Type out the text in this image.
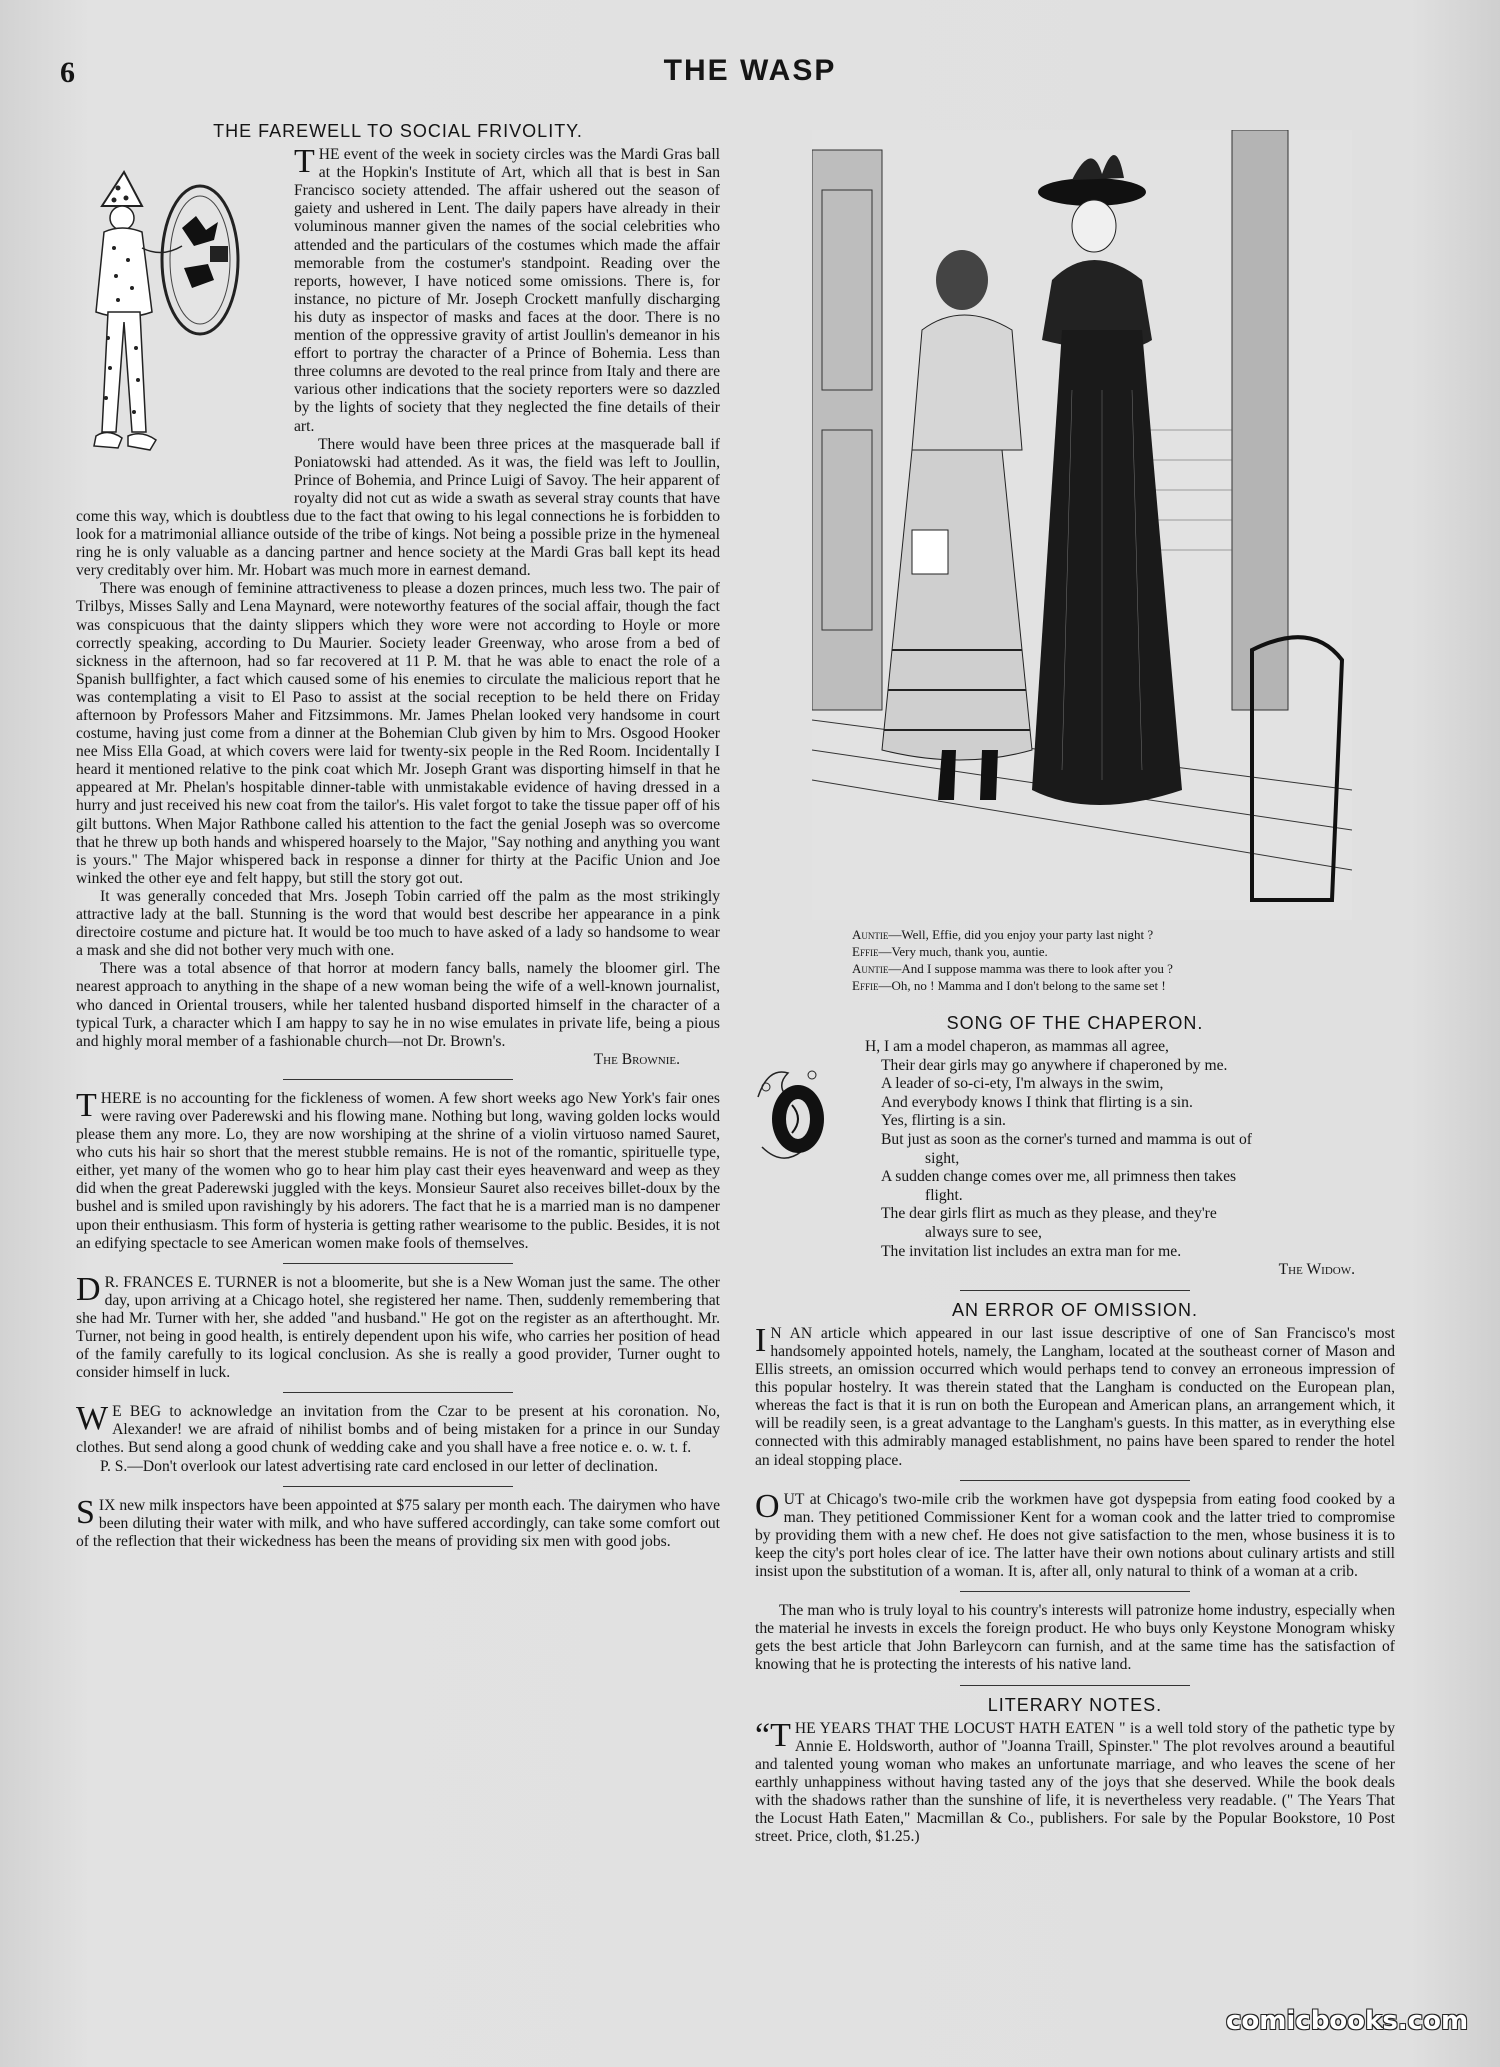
6	THE WASP
THE FAREWELL TO SOCIAL FRIVOLITY.

THE event of the week in society circles was the Mardi Gras ball at the Hopkin's Institute of Art, which all that is best in San Francisco society attended. The affair ushered out the season of gaiety and ushered in Lent. The daily papers have already in their voluminous manner given the names of the social celebrities who attended and the particulars of the costumes which made the affair memorable from the costumer's standpoint. Reading over the reports, however, I have noticed some omissions. There is, for instance, no picture of Mr. Joseph Crockett manfully discharging his duty as inspector of masks and faces at the door. There is no mention of the oppressive gravity of artist Joullin's demeanor in his effort to portray the character of a Prince of Bohemia. Less than three columns are devoted to the real prince from Italy and there are various other indications that the society reporters were so dazzled by the lights of society that they neglected the fine details of their art.

There would have been three prices at the masquerade ball if Poniatowski had attended. As it was, the field was left to Joullin, Prince of Bohemia, and Prince Luigi of Savoy. The heir apparent of royalty did not cut as wide a swath as several stray counts that have come this way, which is doubtless due to the fact that owing to his legal connections he is forbidden to look for a matrimonial alliance outside of the tribe of kings. Not being a possible prize in the hymeneal ring he is only valuable as a dancing partner and hence society at the Mardi Gras ball kept its head very creditably over him. Mr. Hobart was much more in earnest demand.

There was enough of feminine attractiveness to please a dozen princes, much less two. The pair of Trilbys, Misses Sally and Lena Maynard, were noteworthy features of the social affair, though the fact was conspicuous that the dainty slippers which they wore were not according to Hoyle or more correctly speaking, according to Du Maurier. Society leader Greenway, who arose from a bed of sickness in the afternoon, had so far recovered at 11 P. M. that he was able to enact the role of a Spanish bullfighter, a fact which caused some of his enemies to circulate the malicious report that he was contemplating a visit to El Paso to assist at the social reception to be held there on Friday afternoon by Professors Maher and Fitzsimmons. Mr. James Phelan looked very handsome in court costume, having just come from a dinner at the Bohemian Club given by him to Mrs. Osgood Hooker nee Miss Ella Goad, at which covers were laid for twenty-six people in the Red Room. Incidentally I heard it mentioned relative to the pink coat which Mr. Joseph Grant was disporting himself in that he appeared at Mr. Phelan's hospitable dinner-table with unmistakable evidence of having dressed in a hurry and just received his new coat from the tailor's. His valet forgot to take the tissue paper off of his gilt buttons. When Major Rathbone called his attention to the fact the genial Joseph was so overcome that he threw up both hands and whispered hoarsely to the Major, "Say nothing and anything you want is yours." The Major whispered back in response a dinner for thirty at the Pacific Union and Joe winked the other eye and felt happy, but still the story got out.

It was generally conceded that Mrs. Joseph Tobin carried off the palm as the most strikingly attractive lady at the ball. Stunning is the word that would best describe her appearance in a pink directoire costume and picture hat. It would be too much to have asked of a lady so handsome to wear a mask and she did not bother very much with one.

There was a total absence of that horror at modern fancy balls, namely the bloomer girl. The nearest approach to anything in the shape of a new woman being the wife of a well-known journalist, who danced in Oriental trousers, while her talented husband disported himself in the character of a typical Turk, a character which I am happy to say he in no wise emulates in private life, being a pious and highly moral member of a fashionable church—not Dr. Brown's.

The Brownie.

THERE is no accounting for the fickleness of women. A few short weeks ago New York's fair ones were raving over Paderewski and his flowing mane. Nothing but long, waving golden locks would please them any more. Lo, they are now worshiping at the shrine of a violin virtuoso named Sauret, who cuts his hair so short that the merest stubble remains. He is not of the romantic, spirituelle type, either, yet many of the women who go to hear him play cast their eyes heavenward and weep as they did when the great Paderewski juggled with the keys. Monsieur Sauret also receives billet-doux by the bushel and is smiled upon ravishingly by his adorers. The fact that he is a married man is no dampener upon their enthusiasm. This form of hysteria is getting rather wearisome to the public. Besides, it is not an edifying spectacle to see American women make fools of themselves.

D R. FRANCES E. TURNER is not a bloomerite, but she is a New Woman just the same. The other day, upon arriving at a Chicago hotel, she registered her name. Then, suddenly remembering that she had Mr. Turner with her, she added "and husband." He got on the register as an afterthought. Mr. Turner, not being in good health, is entirely dependent upon his wife, who carries her position of head of the family carefully to its logical conclusion. As she is really a good provider, Turner ought to consider himself in luck.

W E BEG to acknowledge an invitation from the Czar to be present at his coronation. No, Alexander! we are afraid of nihilist bombs and of being mistaken for a prince in our Sunday clothes. But send along a good chunk of wedding cake and you shall have a free notice e. o. w. t. f.

P. S.—Don't overlook our latest advertising rate card enclosed in our letter of declination.

SIX new milk inspectors have been appointed at $75 salary per month each. The dairymen who have been diluting their water with milk, and who have suffered accordingly, can take some comfort out of the reflection that their wickedness has been the means of providing six men with good jobs.

Auntie—Well, Effie, did you enjoy your party last night ?
Effie—Very much, thank you, auntie.
Auntie—And I suppose mamma was there to look after you ?
Effie—Oh, no ! Mamma and I don't belong to the same set !
SONG OF THE CHAPERON.
H, I am a model chaperon, as mammas all agree,
Their dear girls may go anywhere if chaperoned by me.
A leader of so-ci-ety, I'm always in the swim,
And everybody knows I think that flirting is a sin.
Yes, flirting is a sin.
But just as soon as the corner's turned and mamma is out of
sight,
A sudden change comes over me, all primness then takes
flight.
The dear girls flirt as much as they please, and they're
always sure to see,
The invitation list includes an extra man for me.
The Widow.
AN ERROR OF OMISSION.

I N AN article which appeared in our last issue descriptive of one of San Francisco's most handsomely appointed hotels, namely, the Langham, located at the southeast corner of Mason and Ellis streets, an omission occurred which would perhaps tend to convey an erroneous impression of this popular hostelry. It was therein stated that the Langham is conducted on the European plan, whereas the fact is that it is run on both the European and American plans, an arrangement which, it will be readily seen, is a great advantage to the Langham's guests. In this matter, as in everything else connected with this admirably managed establishment, no pains have been spared to render the hotel an ideal stopping place.

OUT at Chicago's two-mile crib the workmen have got dyspepsia from eating food cooked by a man. They petitioned Commissioner Kent for a woman cook and the latter tried to compromise by providing them with a new chef. He does not give satisfaction to the men, whose business it is to keep the city's port holes clear of ice. The latter have their own notions about culinary artists and still insist upon the substitution of a woman. It is, after all, only natural to think of a woman at a crib.

The man who is truly loyal to his country's interests will patronize home industry, especially when the material he invests in excels the foreign product. He who buys only Keystone Monogram whisky gets the best article that John Barleycorn can furnish, and at the same time has the satisfaction of knowing that he is protecting the interests of his native land.

LITERARY NOTES.

“THE YEARS THAT THE LOCUST HATH EATEN " is a well told story of the pathetic type by Annie E. Holdsworth, author of "Joanna Traill, Spinster." The plot revolves around a beautiful and talented young woman who makes an unfortunate marriage, and who leaves the scene of her earthly unhappiness without having tasted any of the joys that she deserved. While the book deals with the shadows rather than the sunshine of life, it is nevertheless very readable. (" The Years That the Locust Hath Eaten," Macmillan & Co., publishers. For sale by the Popular Bookstore, 10 Post street. Price, cloth, $1.25.)

comicbooks.com
